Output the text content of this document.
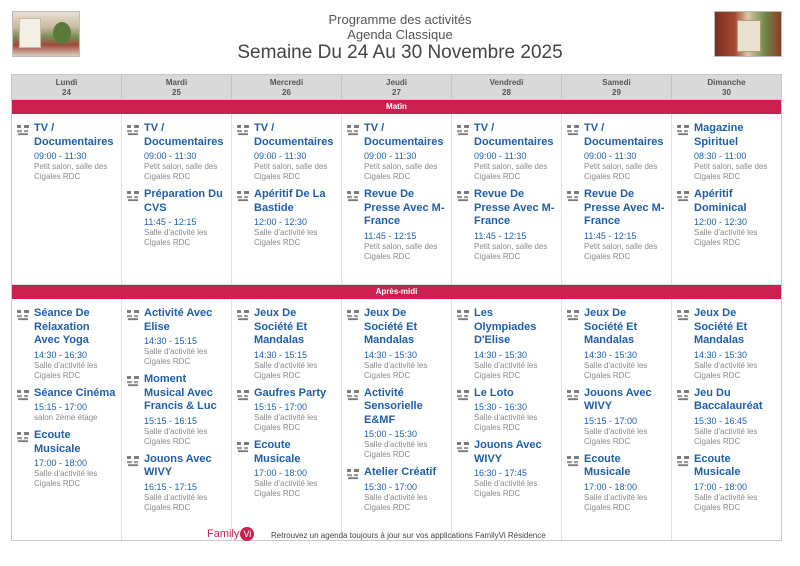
Programme des activités
Agenda Classique
Semaine Du 24 Au 30 Novembre 2025
Lundi
24
Mardi
25
Mercredi
26
Jeudi
27
Vendredi
28
Samedi
29
Dimanche
30
Matin
TV / Documentaires
09:00 - 11:30
Petit salon, salle des Cigales RDC
TV / Documentaires
09:00 - 11:30
Petit salon, salle des Cigales RDC
Préparation Du CVS
11:45 - 12:15
Salle d'activité les Cigales RDC
TV / Documentaires
09:00 - 11:30
Petit salon, salle des Cigales RDC
Apéritif De La Bastide
12:00 - 12:30
Salle d'activité les Cigales RDC
TV / Documentaires
09:00 - 11:30
Petit salon, salle des Cigales RDC
Revue De Presse Avec M-France
11:45 - 12:15
Petit salon, salle des Cigales RDC
TV / Documentaires
09:00 - 11:30
Petit salon, salle des Cigales RDC
Revue De Presse Avec M-France
11:45 - 12:15
Petit salon, salle des Cigales RDC
TV / Documentaires
09:00 - 11:30
Petit salon, salle des Cigales RDC
Revue De Presse Avec M-France
11:45 - 12:15
Petit salon, salle des Cigales RDC
Magazine Spirituel
08:30 - 11:00
Petit salon, salle des Cigales RDC
Apéritif Dominical
12:00 - 12:30
Salle d'activité les Cigales RDC
Après-midi
Séance De Relaxation Avec Yoga
14:30 - 16:30
Salle d'activité les Cigales RDC
Séance Cinéma
15:15 - 17:00
salon 2ème étage
Ecoute Musicale
17:00 - 18:00
Salle d'activité les Cigales RDC
Activité Avec Elise
14:30 - 15:15
Salle d'activité les Cigales RDC
Moment Musical Avec Francis & Luc
15:15 - 16:15
Salle d'activité les Cigales RDC
Jouons Avec WIVY
16:15 - 17:15
Salle d'activité les Cigales RDC
Jeux De Société Et Mandalas
14:30 - 15:15
Salle d'activité les Cigales RDC
Gaufres Party
15:15 - 17:00
Salle d'activité les Cigales RDC
Ecoute Musicale
17:00 - 18:00
Salle d'activité les Cigales RDC
Jeux De Société Et Mandalas
14:30 - 15:30
Salle d'activité les Cigales RDC
Activité Sensorielle E&MF
15:00 - 15:30
Salle d'activité les Cigales RDC
Atelier Créatif
15:30 - 17:00
Salle d'activité les Cigales RDC
Les Olympiades D'Elise
14:30 - 15:30
Salle d'activité les Cigales RDC
Le Loto
15:30 - 16:30
Salle d'activité les Cigales RDC
Jouons Avec WIVY
16:30 - 17:45
Salle d'activité les Cigales RDC
Jeux De Société Et Mandalas
14:30 - 15:30
Salle d'activité les Cigales RDC
Jouons Avec WIVY
15:15 - 17:00
Salle d'activité les Cigales RDC
Ecoute Musicale
17:00 - 18:00
Salle d'activité les Cigales RDC
Jeux De Société Et Mandalas
14:30 - 15:30
Salle d'activité les Cigales RDC
Jeu Du Baccalauréat
15:30 - 16:45
Salle d'activité les Cigales RDC
Ecoute Musicale
17:00 - 18:00
Salle d'activité les Cigales RDC
Family Vi	Retrouvez un agenda toujours à jour sur vos applications FamilyVi Résidence
